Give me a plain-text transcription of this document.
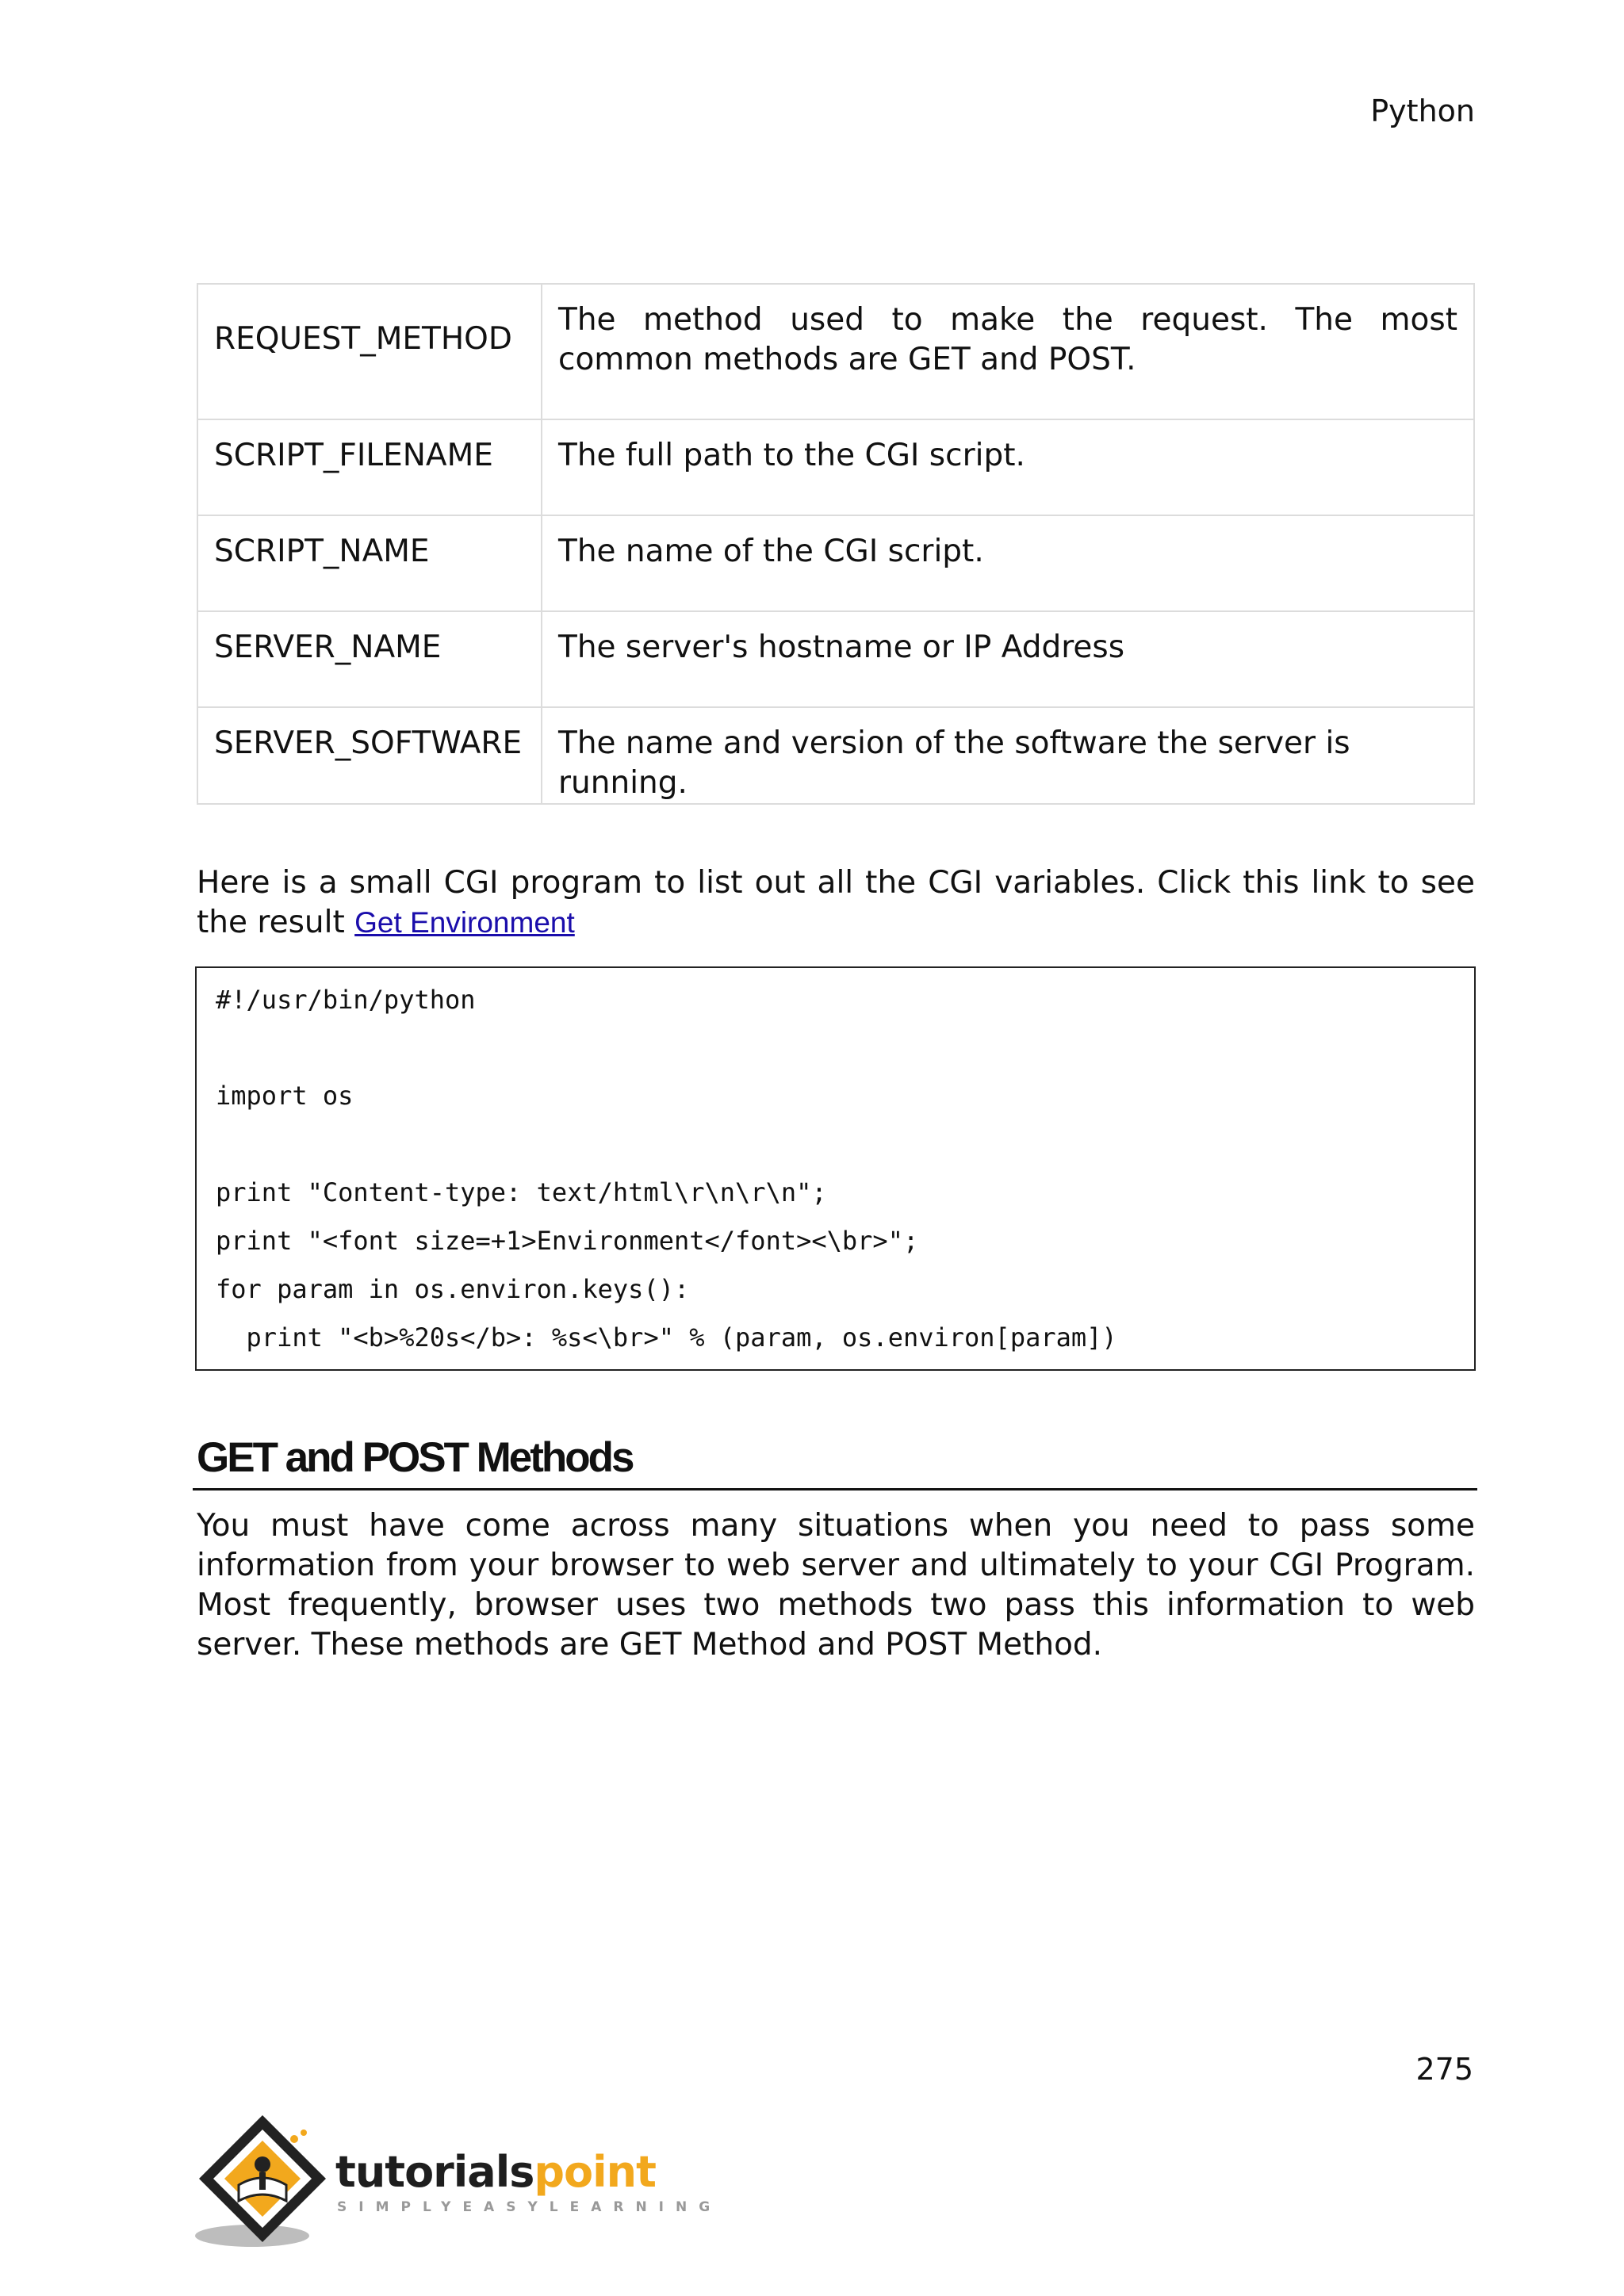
Python
REQUEST_METHOD	The method used to make the request. The most common methods are GET and POST.
SCRIPT_FILENAME	The full path to the CGI script.
SCRIPT_NAME	The name of the CGI script.
SERVER_NAME	The server's hostname or IP Address
SERVER_SOFTWARE	The name and version of the software the server is running.
Here is a small CGI program to list out all the CGI variables. Click this link to see the result Get Environment
#!/usr/bin/python
import os
print "Content-type: text/html\r\n\r\n";
print "<font size=+1>Environment</font><\br>";
for param in os.environ.keys():
print "<b>%20s</b>: %s<\br>" % (param, os.environ[param])
GET and POST Methods
You must have come across many situations when you need to pass some information from your browser to web server and ultimately to your CGI Program. Most frequently, browser uses two methods two pass this information to web server. These methods are GET Method and POST Method.
275
tutorialspoint
SIMPLYEASYLEARNING
